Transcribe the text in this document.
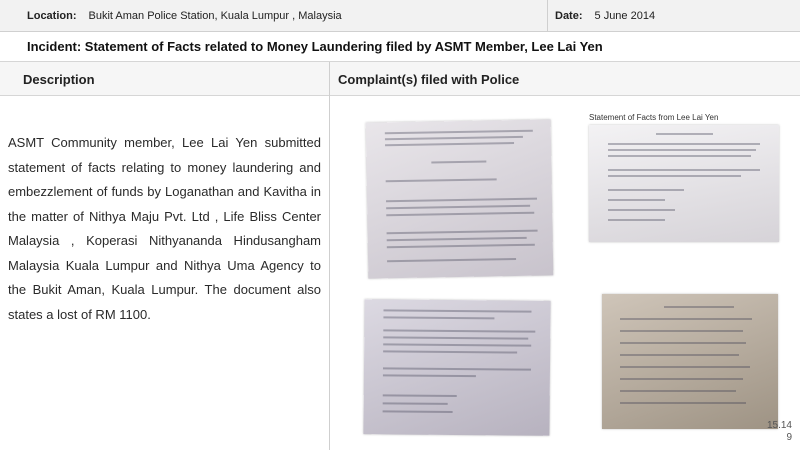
Location: Bukit Aman Police Station, Kuala Lumpur , Malaysia	Date: 5 June 2014
Incident: Statement of Facts related to Money Laundering filed by ASMT Member, Lee Lai Yen
Description	Complaint(s) filed with Police
ASMT Community member, Lee Lai Yen submitted statement of facts relating to money laundering and embezzlement of funds by Loganathan and Kavitha in the matter of Nithya Maju Pvt. Ltd , Life Bliss Center Malaysia , Koperasi Nithyananda Hindusangham Malaysia Kuala Lumpur and Nithya Uma Agency to the Bukit Aman, Kuala Lumpur. The document also states a lost of RM 1100.
Statement of Facts from Lee Lai Yen
15.14
9
